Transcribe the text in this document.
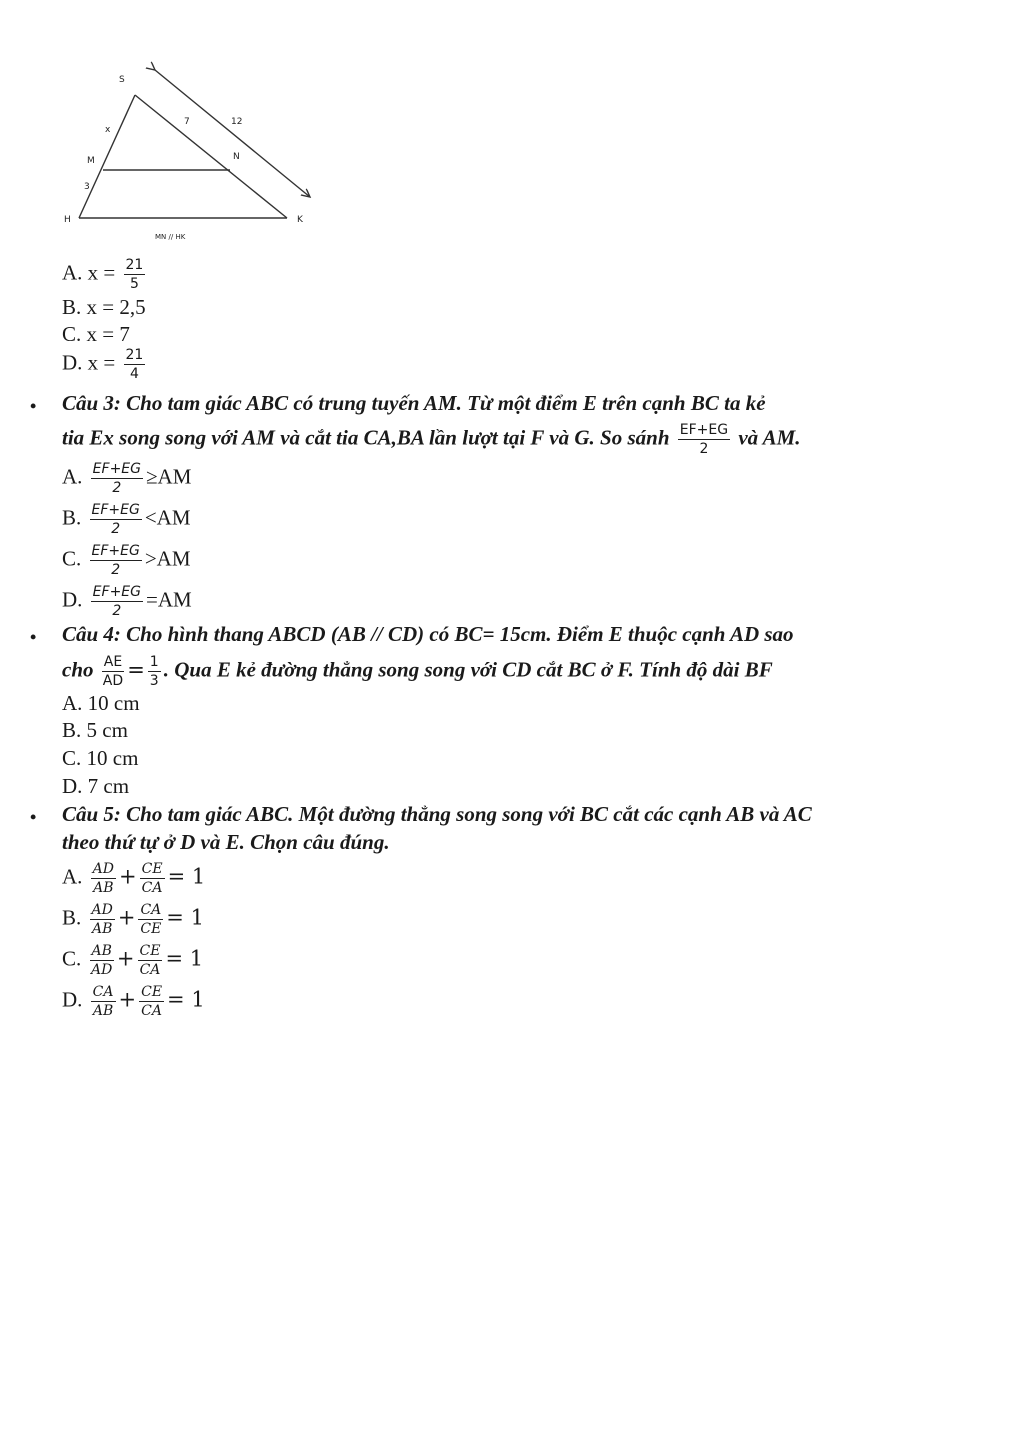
S
x
M
3
H
7	12
N
K
MN // HK
A. $x = \frac{21}{5}$
B. x = 2,5
C. x = 7
D. $x = \frac{21}{4}$
• Câu 3: Cho tam giác ABC có trung tuyến AM. Từ một điểm E trên cạnh BC ta kẻ
tia Ex song song với AM và cắt tia CA,BA lần lượt tại F và G. So sánh $\frac{EF+EG}{2}$ và AM.
A. $\frac{EF+EG}{2} \ge AM$
B. $\frac{EF+EG}{2} <AM$
C. $\frac{EF+EG}{2} >AM$
D. $\frac{EF+EG}{2} =AM$
• Câu 4: Cho hình thang ABCD (AB // CD) có BC= 15cm. Điểm E thuộc cạnh AD sao
cho $\frac{AE}{AD} = \frac{1}{3}$ . Qua E kẻ đường thẳng song song với CD cắt BC ở F. Tính độ dài BF
A. 10 cm
B. 5 cm
C. 10 cm
D. 7 cm
• Câu 5: Cho tam giác ABC. Một đường thẳng song song với BC cắt các cạnh AB và AC
theo thứ tự ở D và E. Chọn câu đúng.
A. $\frac{AD}{AB} + \frac{CE}{CA} = 1$
B. $\frac{AD}{AB} + \frac{CA}{CE} = 1$
C. $\frac{AB}{AD} + \frac{CE}{CA} = 1$
D. $\frac{CA}{AB} + \frac{CE}{CA} = 1$
